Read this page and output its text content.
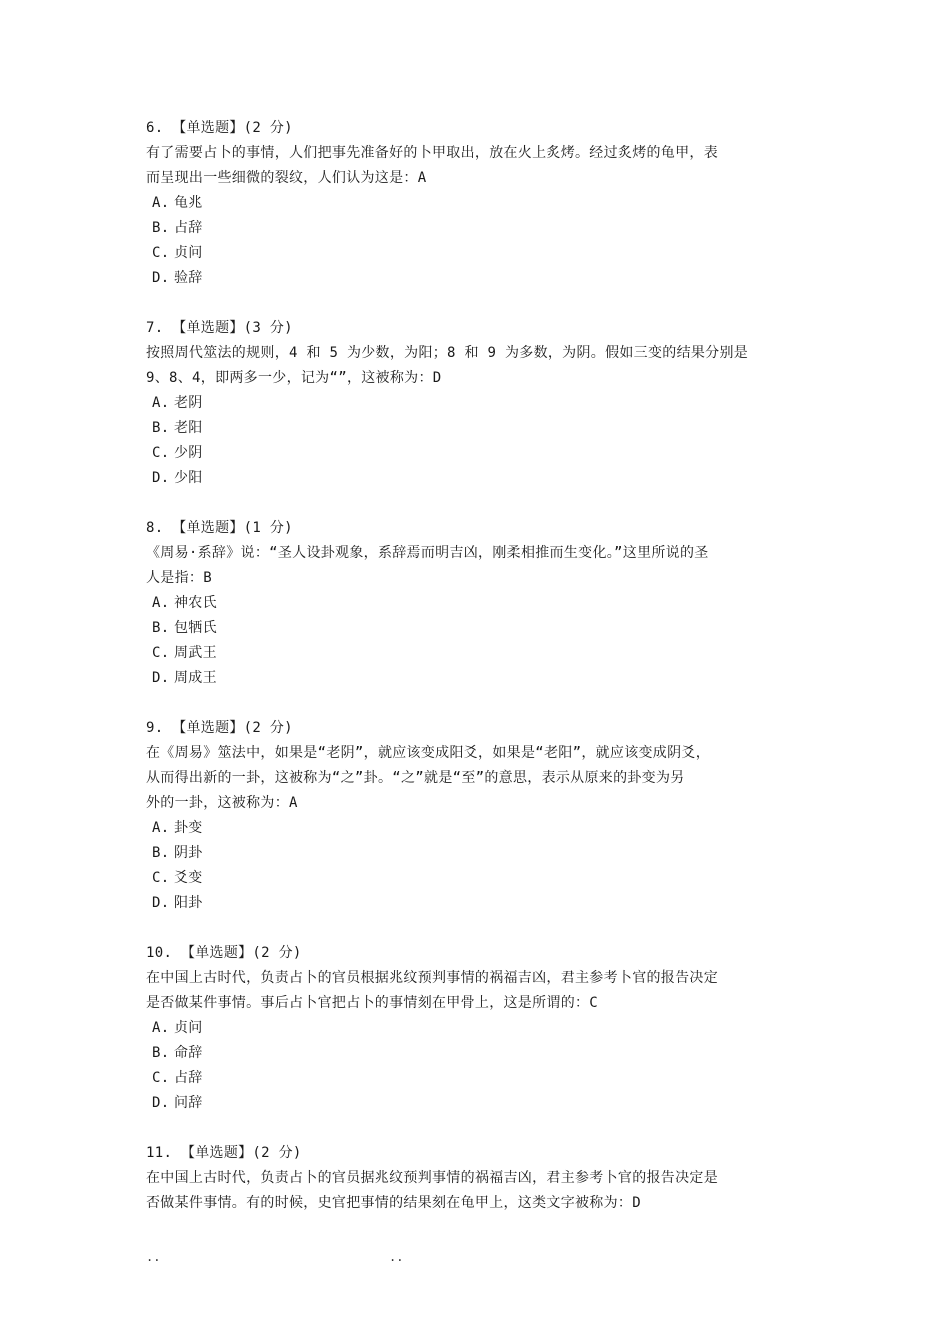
6. 【单选题】(2 分)
有了需要占卜的事情，人们把事先准备好的卜甲取出，放在火上炙烤。经过炙烤的龟甲，表
而呈现出一些细微的裂纹，人们认为这是：A
A. 龟兆
B. 占辞
C. 贞问
D. 验辞
7. 【单选题】(3 分)
按照周代筮法的规则，4 和 5 为少数，为阳；8 和 9 为多数，为阴。假如三变的结果分别是
9、8、4，即两多一少，记为“”，这被称为：D
A. 老阴
B. 老阳
C. 少阴
D. 少阳
8. 【单选题】(1 分)
《周易·系辞》说：“圣人设卦观象，系辞焉而明吉凶，刚柔相推而生变化。”这里所说的圣
人是指：B
A. 神农氏
B. 包牺氏
C. 周武王
D. 周成王
9. 【单选题】(2 分)
在《周易》筮法中，如果是“老阴”，就应该变成阳爻，如果是“老阳”，就应该变成阴爻，
从而得出新的一卦，这被称为“之”卦。“之”就是“至”的意思，表示从原来的卦变为另
外的一卦，这被称为：A
A. 卦变
B. 阴卦
C. 爻变
D. 阳卦
10. 【单选题】(2 分)
在中国上古时代，负责占卜的官员根据兆纹预判事情的祸福吉凶，君主参考卜官的报告决定
是否做某件事情。事后占卜官把占卜的事情刻在甲骨上，这是所谓的：C
A. 贞问
B. 命辞
C. 占辞
D. 问辞
11. 【单选题】(2 分)
在中国上古时代，负责占卜的官员据兆纹预判事情的祸福吉凶，君主参考卜官的报告决定是
否做某件事情。有的时候，史官把事情的结果刻在龟甲上，这类文字被称为：D
..	..
